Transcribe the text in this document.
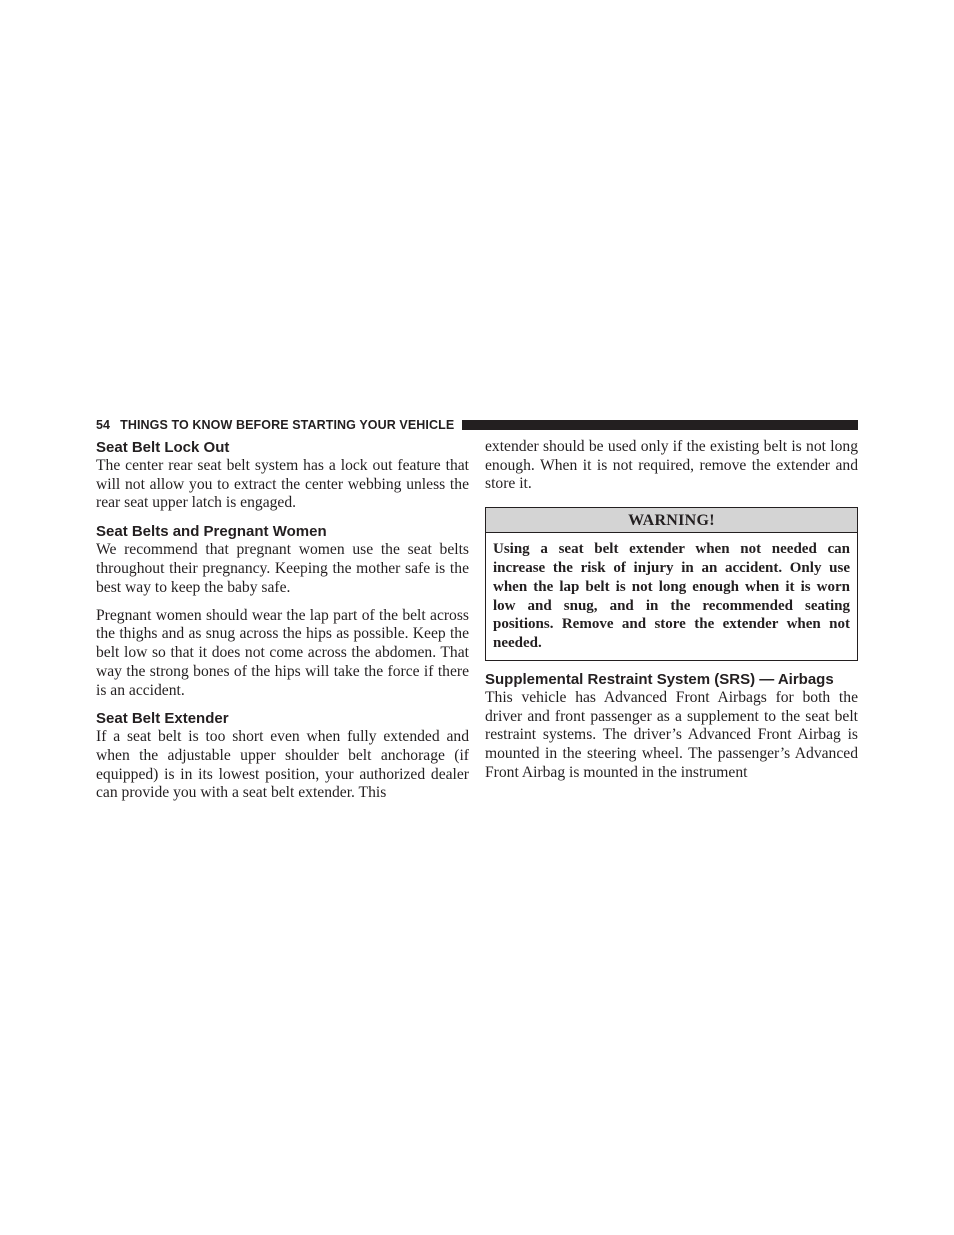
54 THINGS TO KNOW BEFORE STARTING YOUR VEHICLE
Seat Belt Lock Out

The center rear seat belt system has a lock out feature that will not allow you to extract the center webbing unless the rear seat upper latch is engaged.

Seat Belts and Pregnant Women

We recommend that pregnant women use the seat belts throughout their pregnancy. Keeping the mother safe is the best way to keep the baby safe.

Pregnant women should wear the lap part of the belt across the thighs and as snug across the hips as possible. Keep the belt low so that it does not come across the abdomen. That way the strong bones of the hips will take the force if there is an accident.

Seat Belt Extender

If a seat belt is too short even when fully extended and when the adjustable upper shoulder belt anchorage (if equipped) is in its lowest position, your authorized dealer can provide you with a seat belt extender. This

extender should be used only if the existing belt is not long enough. When it is not required, remove the extender and store it.

WARNING!

Using a seat belt extender when not needed can increase the risk of injury in an accident. Only use when the lap belt is not long enough when it is worn low and snug, and in the recommended seating positions. Remove and store the extender when not needed.

Supplemental Restraint System (SRS) — Airbags

This vehicle has Advanced Front Airbags for both the driver and front passenger as a supplement to the seat belt restraint systems. The driver’s Advanced Front Airbag is mounted in the steering wheel. The passenger’s Advanced Front Airbag is mounted in the instrument
